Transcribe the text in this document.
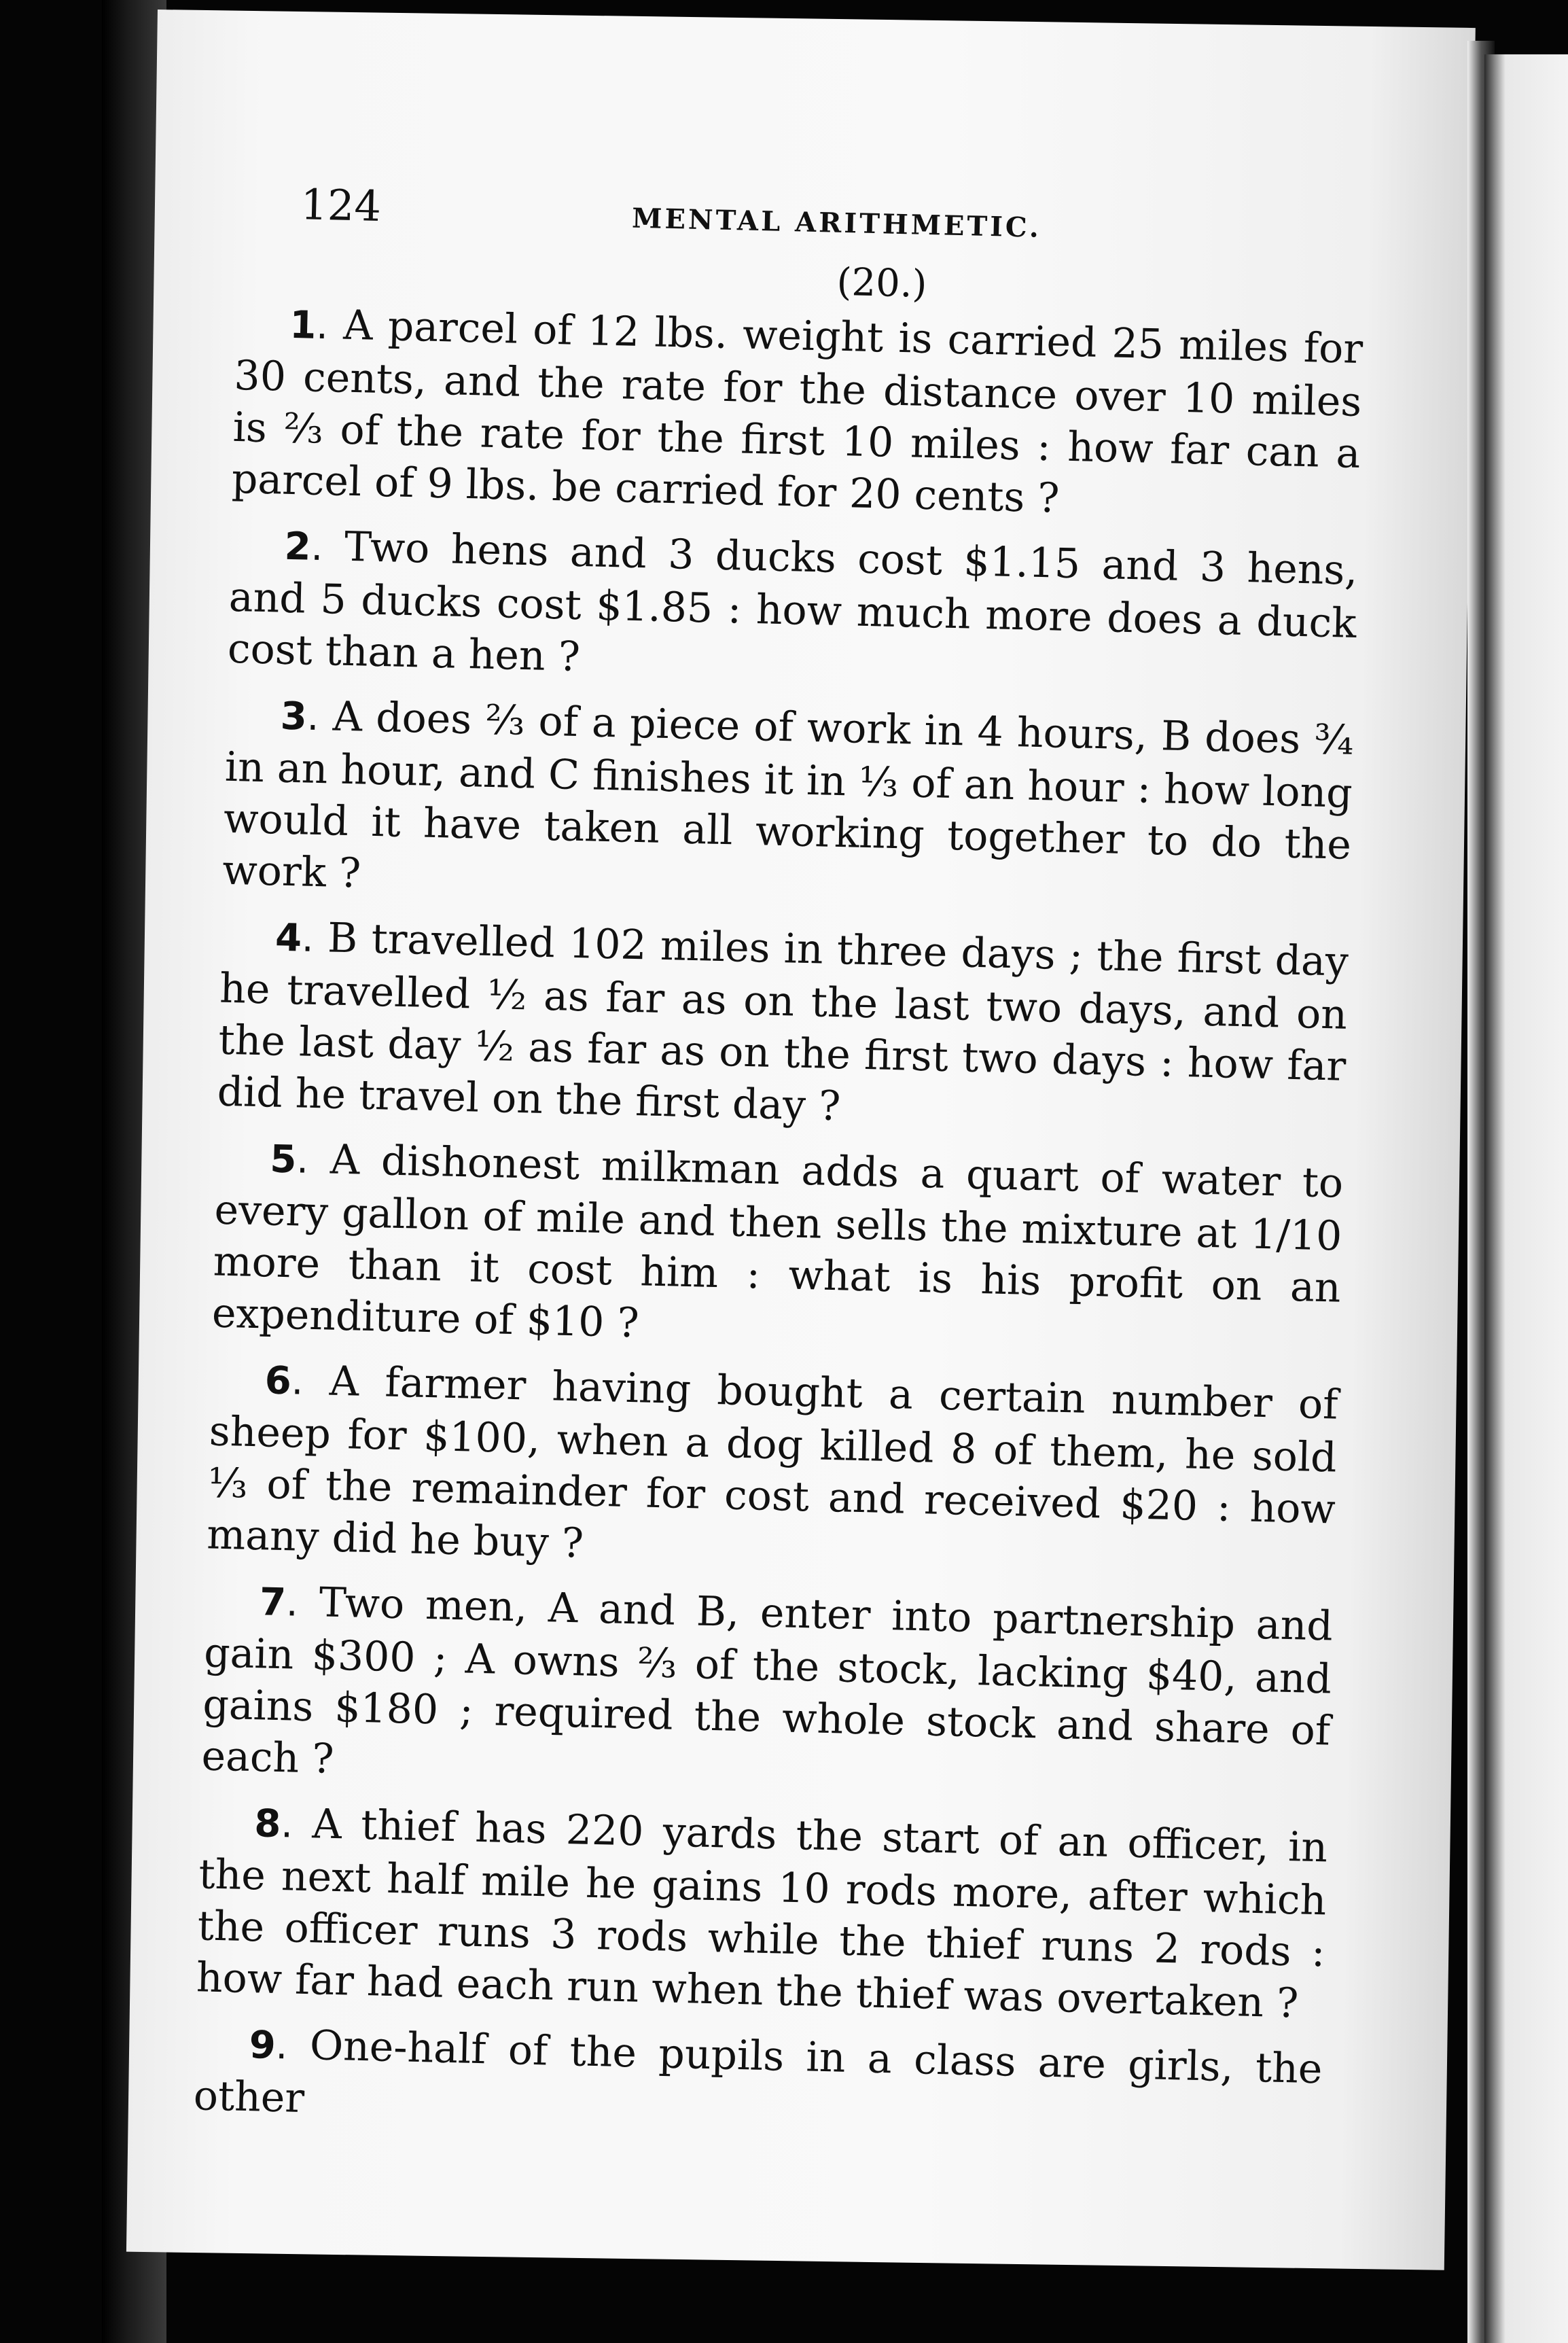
124	MENTAL ARITHMETIC.
(20.)

1 . A parcel of 12 lbs. weight is carried 25 miles for 30 cents, and the rate for the distance over 10 miles is ⅔ of the rate for the first 10 miles : how far can a parcel of 9 lbs. be carried for 20 cents ?

2 . Two hens and 3 ducks cost $1.15 and 3 hens, and 5 ducks cost $1.85 : how much more does a duck cost than a hen ?

3 . A does ⅔ of a piece of work in 4 hours, B does ¾ in an hour, and C finishes it in ⅓ of an hour : how long would it have taken all working together to do the work ?

4 . B travelled 102 miles in three days ; the first day he travelled ½ as far as on the last two days, and on the last day ½ as far as on the first two days : how far did he travel on the first day ?

5 . A dishonest milkman adds a quart of water to every gallon of mile and then sells the mixture at 1/10 more than it cost him : what is his profit on an expenditure of $10 ?

6 . A farmer having bought a certain number of sheep for $100, when a dog killed 8 of them, he sold ⅓ of the remainder for cost and received $20 : how many did he buy ?

7 . Two men, A and B, enter into partnership and gain $300 ; A owns ⅔ of the stock, lacking $40, and gains $180 ; required the whole stock and share of each ?

8 . A thief has 220 yards the start of an officer, in the next half mile he gains 10 rods more, after which the officer runs 3 rods while the thief runs 2 rods : how far had each run when the thief was overtaken ?

9 . One-half of the pupils in a class are girls, the other
